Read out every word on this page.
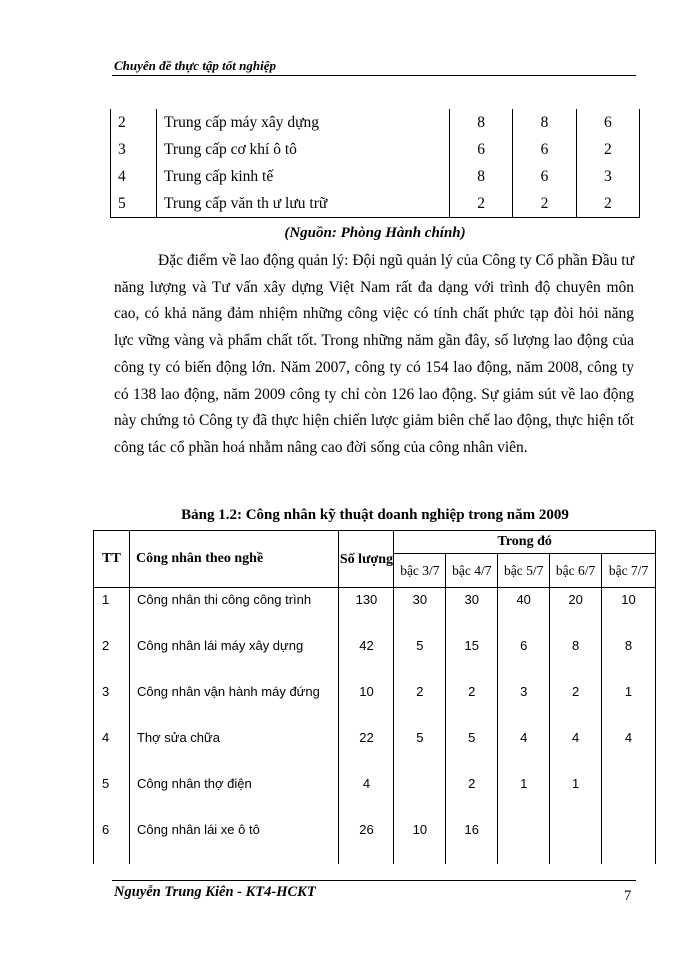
Chuyên đề thực tập tốt nghiệp
2	Trung cấp máy xây dựng	8	8	6
3	Trung cấp cơ khí ô tô	6	6	2
4	Trung cấp kinh tế	8	6	3
5	Trung cấp văn th ư lưu trữ	2	2	2
(Nguồn: Phòng Hành chính)

Đặc điểm về lao động quản lý: Đội ngũ quản lý của Công ty Cổ phần Đầu tư năng lượng và Tư vấn xây dựng Việt Nam rất đa dạng với trình độ chuyên môn cao, có khả năng đảm nhiệm những công việc có tính chất phức tạp đòi hỏi năng lực vững vàng và phẩm chất tốt. Trong những năm gần đây, số lượng lao động của công ty có biến động lớn. Năm 2007, công ty có 154 lao động, năm 2008, công ty có 138 lao động, năm 2009 công ty chỉ còn 126 lao động. Sự giảm sút về lao động này chứng tỏ Công ty đã thực hiện chiến lược giảm biên chế lao động, thực hiện tốt công tác cổ phần hoá nhằm nâng cao đời sống của công nhân viên.

Bảng 1.2: Công nhân kỹ thuật doanh nghiệp trong năm 2009
TT	Công nhân theo nghề	Số lượng	Trong đó				
			bậc 3/7	bậc 4/7	bậc 5/7	bậc 6/7	bậc 7/7
1	Công nhân thi công công trình	130	30	30	40	20	10
2	Công nhân lái máy xây dựng	42	5	15	6	8	8
3	Công nhân vận hành máy đứng	10	2	2	3	2	1
4	Thợ sửa chữa	22	5	5	4	4	4
5	Công nhân thợ điện	4		2	1	1	
6	Công nhân lái xe ô tô	26	10	16			
Nguyễn Trung Kiên - KT4-HCKT	7
